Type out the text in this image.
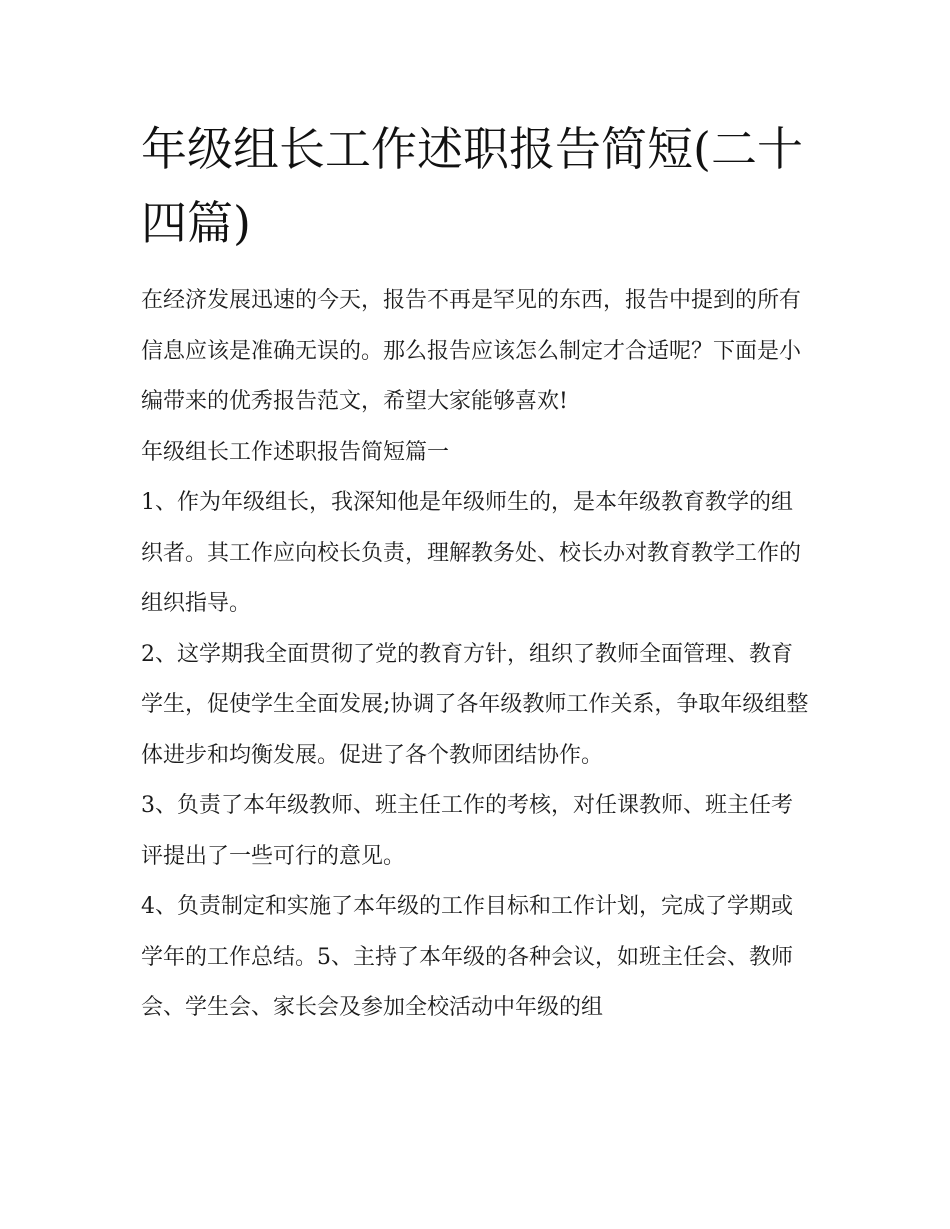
年级组长工作述职报告简短(二十四篇)

在经济发展迅速的今天，报告不再是罕见的东西，报告中提到的所有信息应该是准确无误的。那么报告应该怎么制定才合适呢？下面是小编带来的优秀报告范文，希望大家能够喜欢!

年级组长工作述职报告简短篇一

1、作为年级组长，我深知他是年级师生的，是本年级教育教学的组织者。其工作应向校长负责，理解教务处、校长办对教育教学工作的组织指导。

2、这学期我全面贯彻了党的教育方针，组织了教师全面管理、教育学生，促使学生全面发展;协调了各年级教师工作关系，争取年级组整体进步和均衡发展。促进了各个教师团结协作。

3、负责了本年级教师、班主任工作的考核，对任课教师、班主任考评提出了一些可行的意见。

4、负责制定和实施了本年级的工作目标和工作计划，完成了学期或学年的工作总结。5、主持了本年级的各种会议，如班主任会、教师会、学生会、家长会及参加全校活动中年级的组
